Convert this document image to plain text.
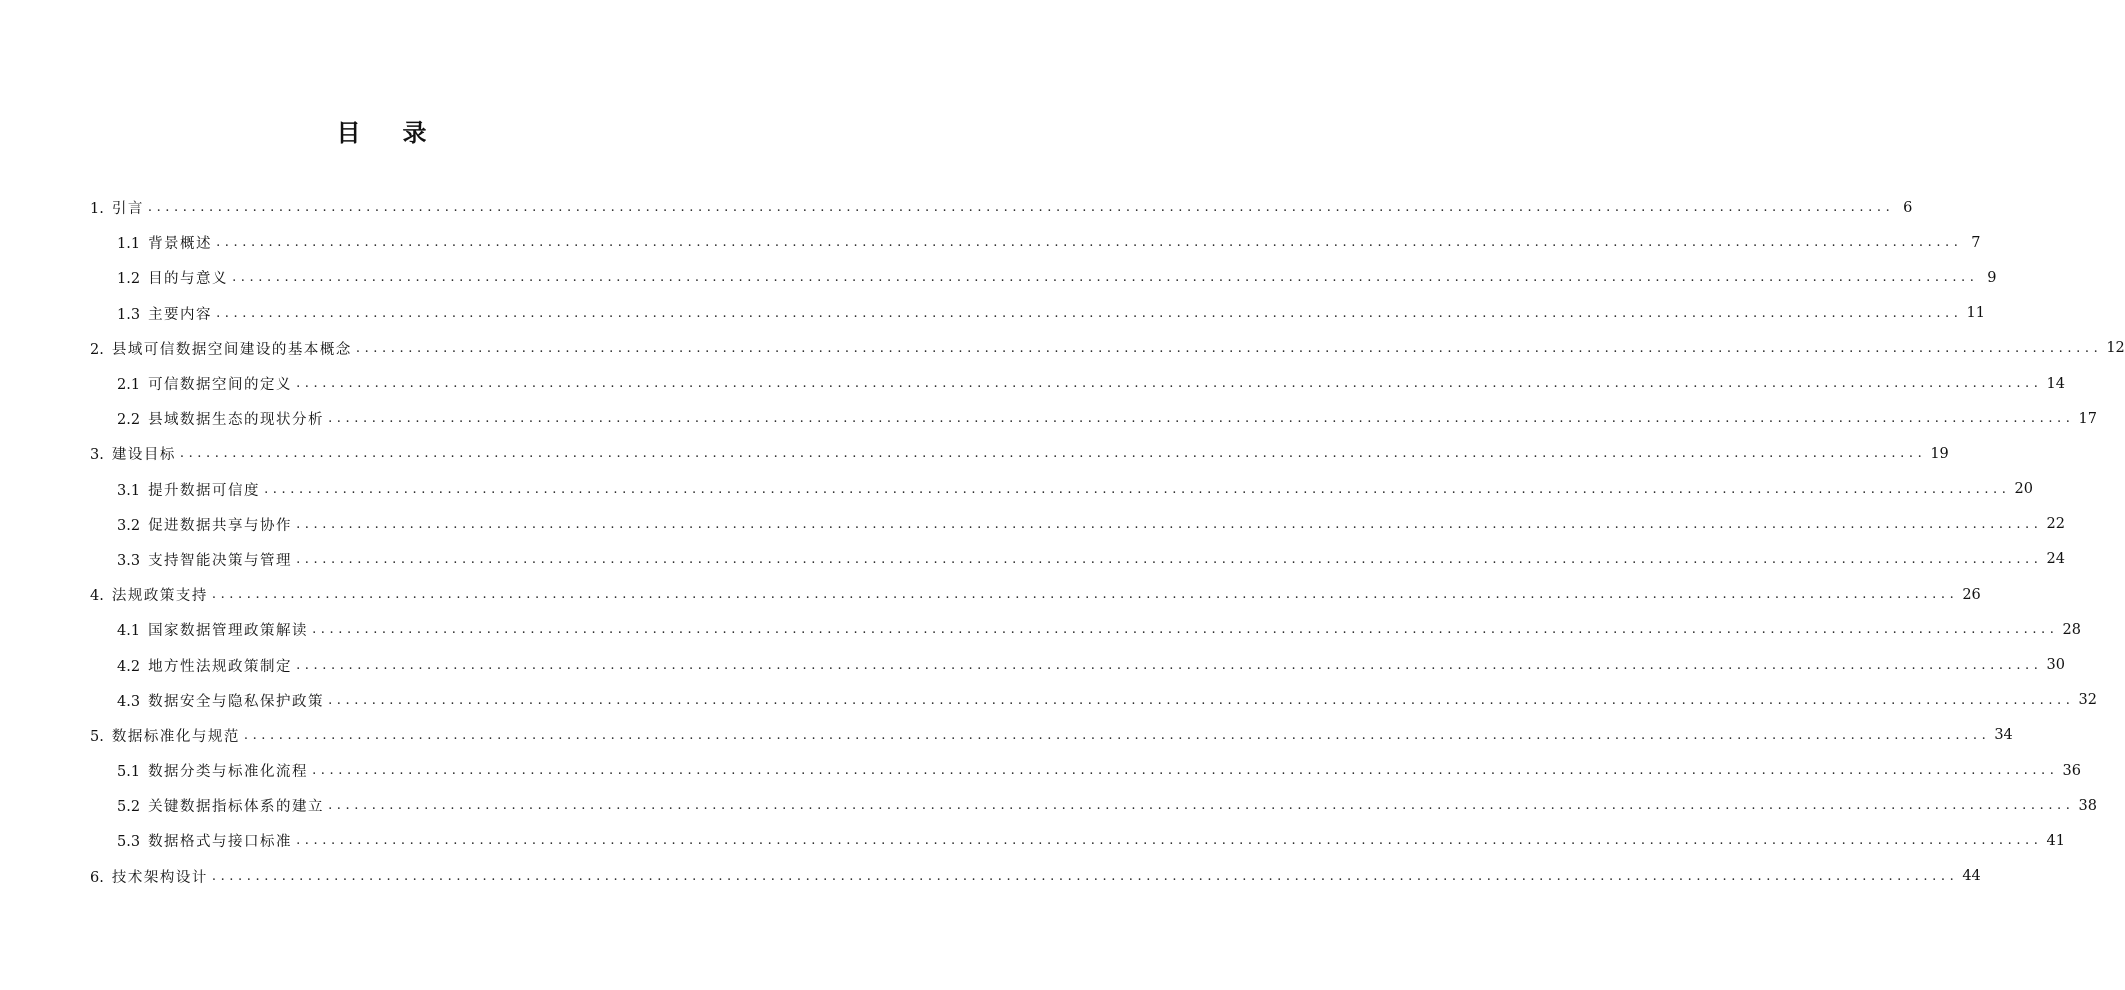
目 录
1. 引言 ........................................................................................................................................................................................................ 6
1.1 背景概述 ........................................................................................................................................................................................................ 7
1.2 目的与意义 ........................................................................................................................................................................................................ 9
1.3 主要内容 ........................................................................................................................................................................................................ 11
2. 县域可信数据空间建设的基本概念 ........................................................................................................................................................................................................ 12
2.1 可信数据空间的定义 ........................................................................................................................................................................................................ 14
2.2 县域数据生态的现状分析 ........................................................................................................................................................................................................ 17
3. 建设目标 ........................................................................................................................................................................................................ 19
3.1 提升数据可信度 ........................................................................................................................................................................................................ 20
3.2 促进数据共享与协作 ........................................................................................................................................................................................................ 22
3.3 支持智能决策与管理 ........................................................................................................................................................................................................ 24
4. 法规政策支持 ........................................................................................................................................................................................................ 26
4.1 国家数据管理政策解读 ........................................................................................................................................................................................................ 28
4.2 地方性法规政策制定 ........................................................................................................................................................................................................ 30
4.3 数据安全与隐私保护政策 ........................................................................................................................................................................................................ 32
5. 数据标准化与规范 ........................................................................................................................................................................................................ 34
5.1 数据分类与标准化流程 ........................................................................................................................................................................................................ 36
5.2 关键数据指标体系的建立 ........................................................................................................................................................................................................ 38
5.3 数据格式与接口标准 ........................................................................................................................................................................................................ 41
6. 技术架构设计 ........................................................................................................................................................................................................ 44
